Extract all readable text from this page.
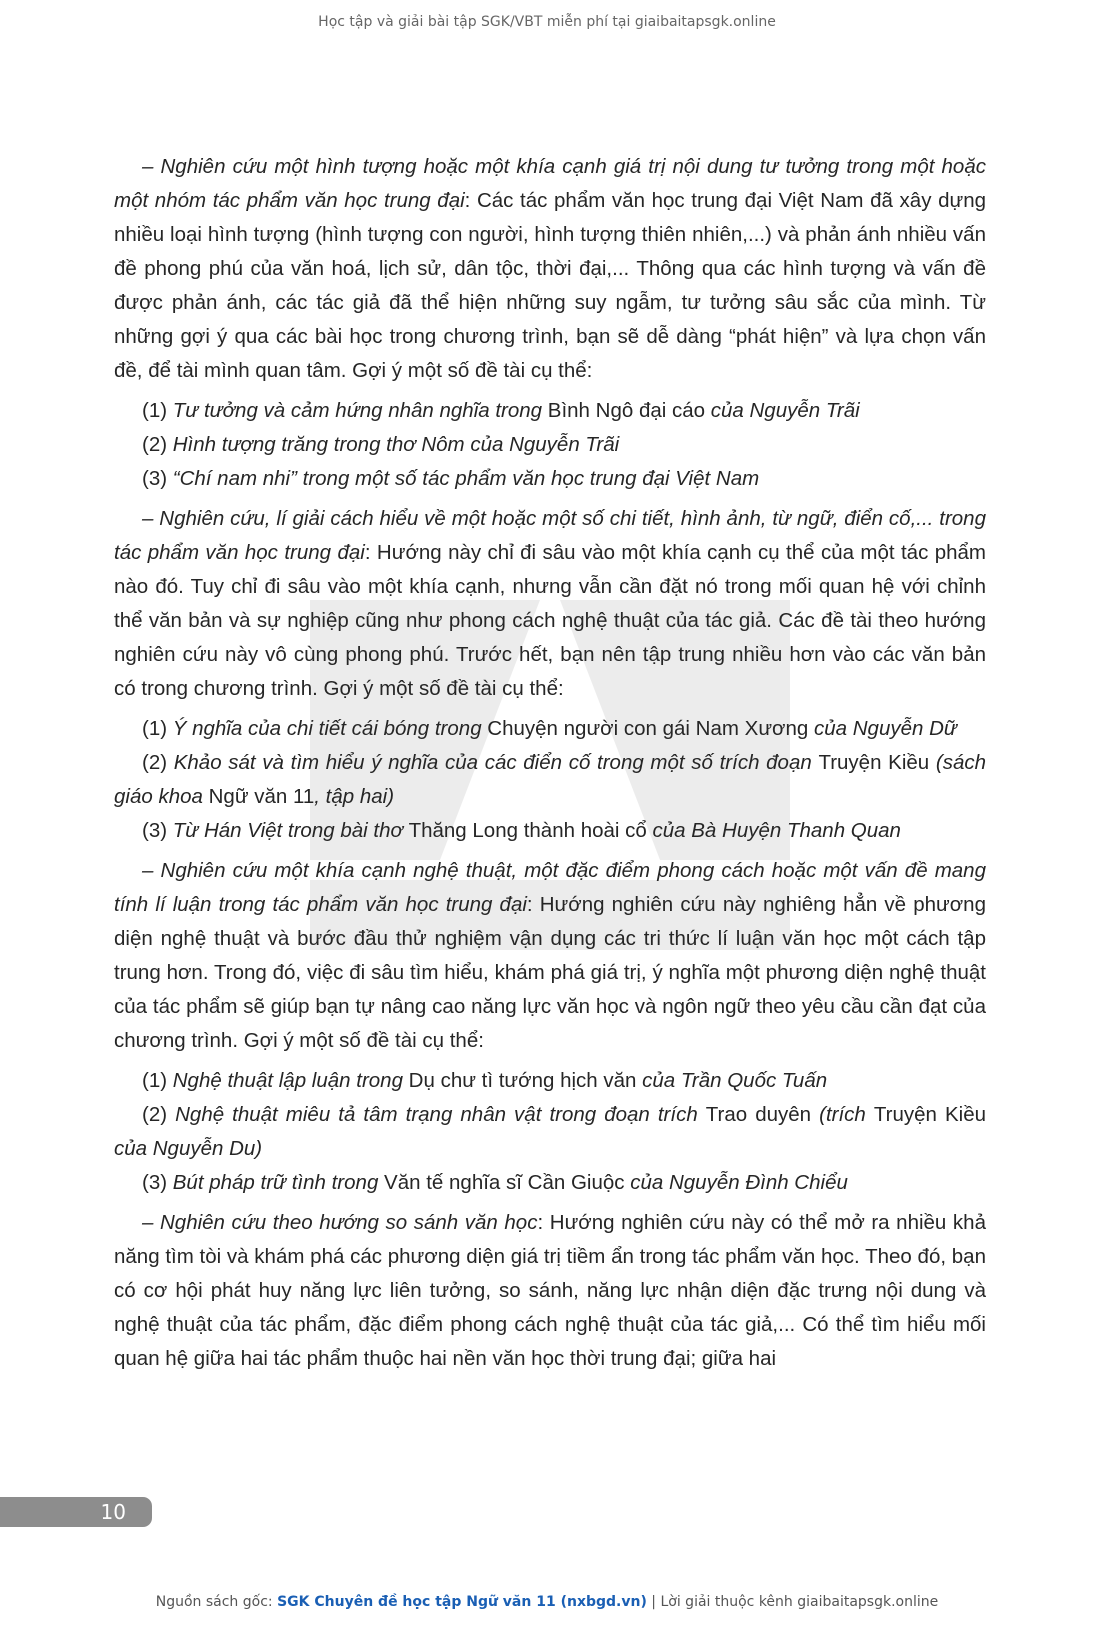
Học tập và giải bài tập SGK/VBT miễn phí tại giaibaitapsgk.online

– Nghiên cứu một hình tượng hoặc một khía cạnh giá trị nội dung tư tưởng trong một hoặc một nhóm tác phẩm văn học trung đại: Các tác phẩm văn học trung đại Việt Nam đã xây dựng nhiều loại hình tượng (hình tượng con người, hình tượng thiên nhiên,...) và phản ánh nhiều vấn đề phong phú của văn hoá, lịch sử, dân tộc, thời đại,... Thông qua các hình tượng và vấn đề được phản ánh, các tác giả đã thể hiện những suy ngẫm, tư tưởng sâu sắc của mình. Từ những gợi ý qua các bài học trong chương trình, bạn sẽ dễ dàng “phát hiện” và lựa chọn vấn đề, để tài mình quan tâm. Gợi ý một số đề tài cụ thể:

(1) Tư tưởng và cảm hứng nhân nghĩa trong Bình Ngô đại cáo của Nguyễn Trãi

(2) Hình tượng trăng trong thơ Nôm của Nguyễn Trãi

(3) “Chí nam nhi” trong một số tác phẩm văn học trung đại Việt Nam

– Nghiên cứu, lí giải cách hiểu về một hoặc một số chi tiết, hình ảnh, từ ngữ, điển cố,... trong tác phẩm văn học trung đại: Hướng này chỉ đi sâu vào một khía cạnh cụ thể của một tác phẩm nào đó. Tuy chỉ đi sâu vào một khía cạnh, nhưng vẫn cần đặt nó trong mối quan hệ với chỉnh thể văn bản và sự nghiệp cũng như phong cách nghệ thuật của tác giả. Các đề tài theo hướng nghiên cứu này vô cùng phong phú. Trước hết, bạn nên tập trung nhiều hơn vào các văn bản có trong chương trình. Gợi ý một số đề tài cụ thể:

(1) Ý nghĩa của chi tiết cái bóng trong Chuyện người con gái Nam Xương của Nguyễn Dữ

(2) Khảo sát và tìm hiểu ý nghĩa của các điển cố trong một số trích đoạn Truyện Kiều (sách giáo khoa Ngữ văn 11, tập hai)

(3) Từ Hán Việt trong bài thơ Thăng Long thành hoài cổ của Bà Huyện Thanh Quan

– Nghiên cứu một khía cạnh nghệ thuật, một đặc điểm phong cách hoặc một vấn đề mang tính lí luận trong tác phẩm văn học trung đại: Hướng nghiên cứu này nghiêng hẳn về phương diện nghệ thuật và bước đầu thử nghiệm vận dụng các tri thức lí luận văn học một cách tập trung hơn. Trong đó, việc đi sâu tìm hiểu, khám phá giá trị, ý nghĩa một phương diện nghệ thuật của tác phẩm sẽ giúp bạn tự nâng cao năng lực văn học và ngôn ngữ theo yêu cầu cần đạt của chương trình. Gợi ý một số đề tài cụ thể:

(1) Nghệ thuật lập luận trong Dụ chư tì tướng hịch văn của Trần Quốc Tuấn

(2) Nghệ thuật miêu tả tâm trạng nhân vật trong đoạn trích Trao duyên (trích Truyện Kiều của Nguyễn Du)

(3) Bút pháp trữ tình trong Văn tế nghĩa sĩ Cần Giuộc của Nguyễn Đình Chiểu

– Nghiên cứu theo hướng so sánh văn học: Hướng nghiên cứu này có thể mở ra nhiều khả năng tìm tòi và khám phá các phương diện giá trị tiềm ẩn trong tác phẩm văn học. Theo đó, bạn có cơ hội phát huy năng lực liên tưởng, so sánh, năng lực nhận diện đặc trưng nội dung và nghệ thuật của tác phẩm, đặc điểm phong cách nghệ thuật của tác giả,... Có thể tìm hiểu mối quan hệ giữa hai tác phẩm thuộc hai nền văn học thời trung đại; giữa hai

10
Nguồn sách gốc: SGK Chuyên đề học tập Ngữ văn 11 (nxbgd.vn) | Lời giải thuộc kênh giaibaitapsgk.online
